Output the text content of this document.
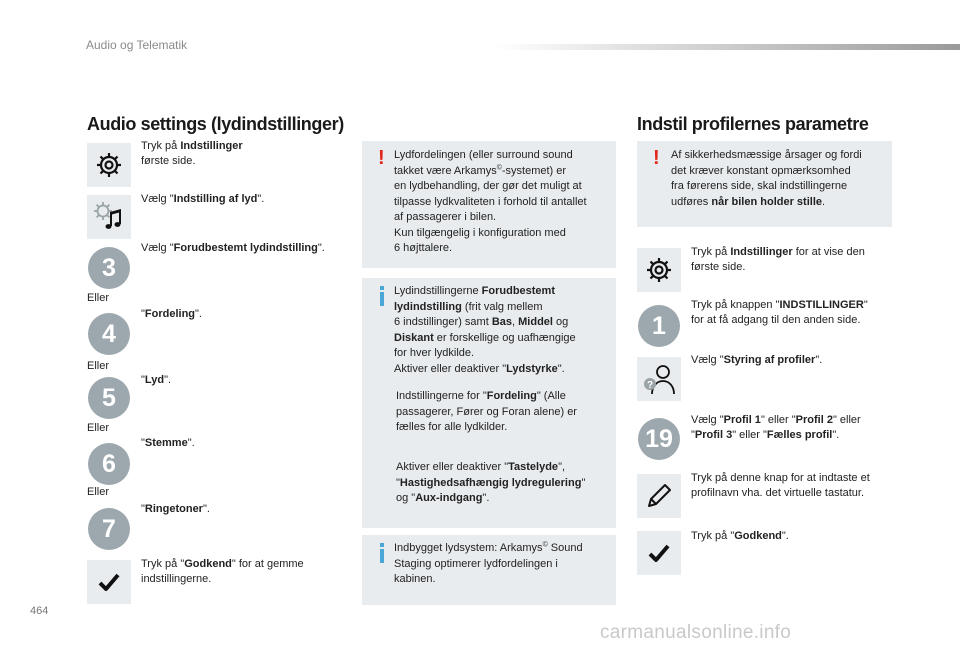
Audio og Telematik
Audio settings (lydindstillinger)
Tryk på Indstillinger
første side.
Vælg "Indstilling af lyd".
3
Vælg "Forudbestemt lydindstilling".
Eller
4
"Fordeling".
Eller
5
"Lyd".
Eller
6
"Stemme".
Eller
7
"Ringetoner".
Tryk på "Godkend" for at gemme
indstillingerne.
! Lydfordelingen (eller surround sound
takket være Arkamys©-systemet) er
en lydbehandling, der gør det muligt at
tilpasse lydkvaliteten i forhold til antallet
af passagerer i bilen.
Kun tilgængelig i konfiguration med
6 højttalere.
Lydindstillingerne Forudbestemt
lydindstilling (frit valg mellem
6 indstillinger) samt Bas, Middel og
Diskant er forskellige og uafhængige
for hver lydkilde.
Aktiver eller deaktiver "Lydstyrke".
Indstillingerne for "Fordeling" (Alle
passagerer, Fører og Foran alene) er
fælles for alle lydkilder.
Aktiver eller deaktiver "Tastelyde",
"Hastighedsafhængig lydregulering"
og "Aux-indgang".
Indbygget lydsystem: Arkamys© Sound
Staging optimerer lydfordelingen i
kabinen.
Indstil profilernes parametre
! Af sikkerhedsmæssige årsager og fordi
det kræver konstant opmærksomhed
fra førerens side, skal indstillingerne
udføres når bilen holder stille.
Tryk på Indstillinger for at vise den
første side.
1
Tryk på knappen "INDSTILLINGER"
for at få adgang til den anden side.
?
Vælg "Styring af profiler".
19
Vælg "Profil 1" eller "Profil 2" eller
"Profil 3" eller "Fælles profil".
Tryk på denne knap for at indtaste et
profilnavn vha. det virtuelle tastatur.
Tryk på "Godkend".
464
carmanualsonline.info
